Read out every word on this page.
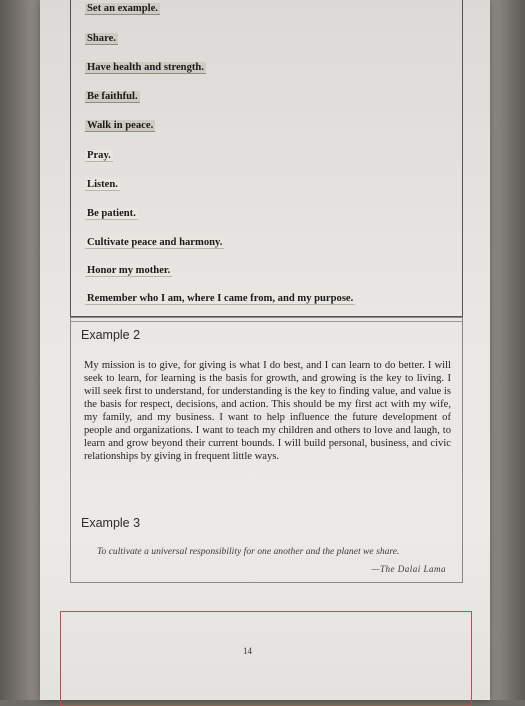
Set an example.
Share.
Have health and strength.
Be faithful.
Walk in peace.
Pray.
Listen.
Be patient.
Cultivate peace and harmony.
Honor my mother.
Remember who I am, where I came from, and my purpose.
Example 2

My mission is to give, for giving is what I do best, and I can learn to do better. I will seek to learn, for learning is the basis for growth, and growing is the key to living. I will seek first to understand, for understanding is the key to finding value, and value is the basis for respect, decisions, and action. This should be my first act with my wife, my family, and my business. I want to help influence the future development of people and organizations. I want to teach my children and others to love and laugh, to learn and grow beyond their current bounds. I will build personal, business, and civic relationships by giving in frequent little ways.

Example 3
To cultivate a universal responsibility for one another and the planet we share.
—The Dalai Lama
14
